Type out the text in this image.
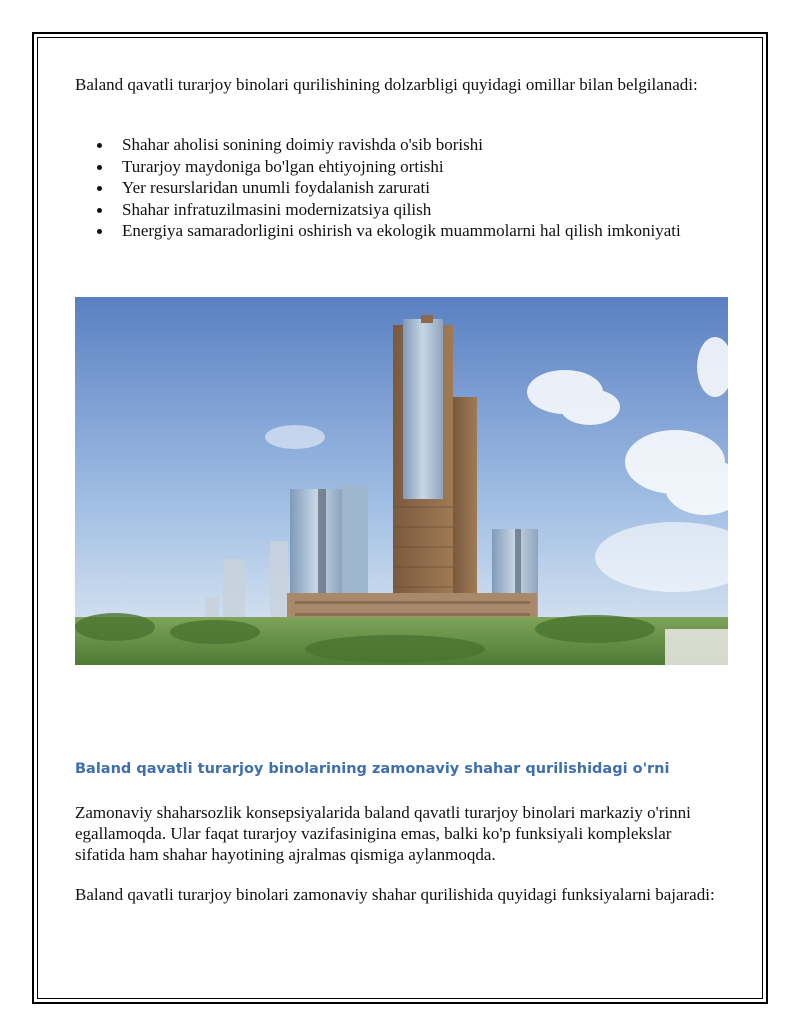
Baland qavatli turarjoy binolari qurilishining dolzarbligi quyidagi omillar bilan belgilanadi:

Shahar aholisi sonining doimiy ravishda o'sib borishi
Turarjoy maydoniga bo'lgan ehtiyojning ortishi
Yer resurslaridan unumli foydalanish zarurati
Shahar infratuzilmasini modernizatsiya qilish
Energiya samaradorligini oshirish va ekologik muammolarni hal qilish imkoniyati
Baland qavatli turarjoy binolarining zamonaviy shahar qurilishidagi o'rni

Zamonaviy shaharsozlik konsepsiyalarida baland qavatli turarjoy binolari markaziy o'rinni egallamoqda. Ular faqat turarjoy vazifasinigina emas, balki ko'p funksiyali komplekslar sifatida ham shahar hayotining ajralmas qismiga aylanmoqda.

Baland qavatli turarjoy binolari zamonaviy shahar qurilishida quyidagi funksiyalarni bajaradi:
